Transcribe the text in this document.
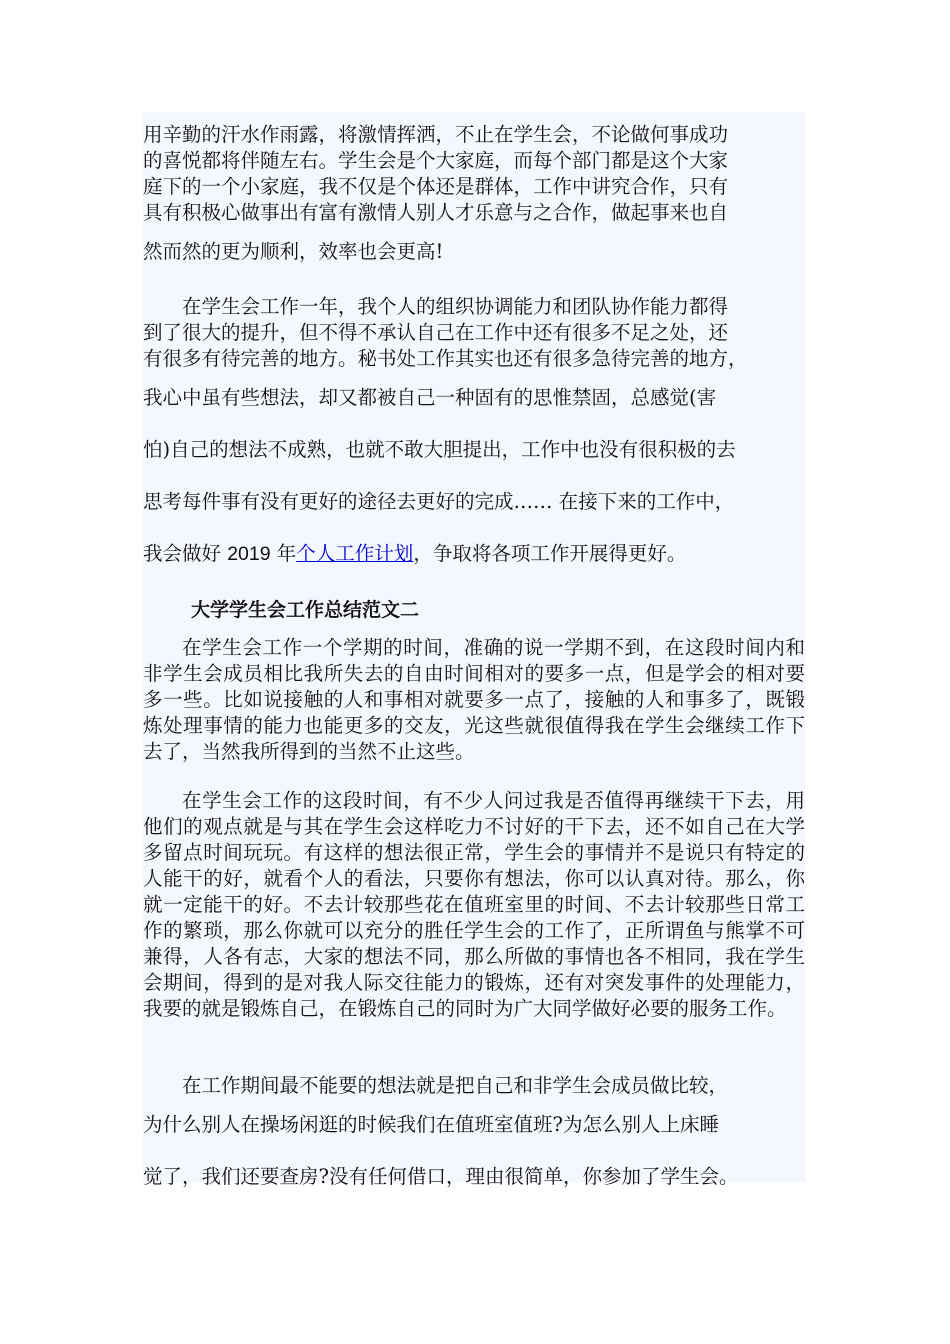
用辛勤的汗水作雨露，将激情挥洒，不止在学生会，不论做何事成功
的喜悦都将伴随左右。学生会是个大家庭，而每个部门都是这个大家
庭下的一个小家庭，我不仅是个体还是群体，工作中讲究合作，只有
具有积极心做事出有富有激情人别人才乐意与之合作，做起事来也自
然而然的更为顺利，效率也会更高!
在学生会工作一年，我个人的组织协调能力和团队协作能力都得
到了很大的提升，但不得不承认自己在工作中还有很多不足之处，还
有很多有待完善的地方。秘书处工作其实也还有很多急待完善的地方，
我心中虽有些想法，却又都被自己一种固有的思惟禁固，总感觉(害
怕)自己的想法不成熟，也就不敢大胆提出，工作中也没有很积极的去
思考每件事有没有更好的途径去更好的完成…… 在接下来的工作中，
我会做好 2019 年个人工作计划，争取将各项工作开展得更好。
大学学生会工作总结范文二

在学生会工作一个学期的时间，准确的说一学期不到，在这段时间内和非学生会成员相比我所失去的自由时间相对的要多一点，但是学会的相对要多一些。比如说接触的人和事相对就要多一点了，接触的人和事多了，既锻炼处理事情的能力也能更多的交友，光这些就很值得我在学生会继续工作下去了，当然我所得到的当然不止这些。

在学生会工作的这段时间，有不少人问过我是否值得再继续干下去，用他们的观点就是与其在学生会这样吃力不讨好的干下去，还不如自己在大学多留点时间玩玩。有这样的想法很正常，学生会的事情并不是说只有特定的人能干的好，就看个人的看法，只要你有想法，你可以认真对待。那么，你就一定能干的好。不去计较那些花在值班室里的时间、不去计较那些日常工作的繁琐，那么你就可以充分的胜任学生会的工作了，正所谓鱼与熊掌不可兼得，人各有志，大家的想法不同，那么所做的事情也各不相同，我在学生会期间，得到的是对我人际交往能力的锻炼，还有对突发事件的处理能力，我要的就是锻炼自己，在锻炼自己的同时为广大同学做好必要的服务工作。

在工作期间最不能要的想法就是把自己和非学生会成员做比较，
为什么别人在操场闲逛的时候我们在值班室值班?为怎么别人上床睡
觉了，我们还要查房?没有任何借口，理由很简单，你参加了学生会。
